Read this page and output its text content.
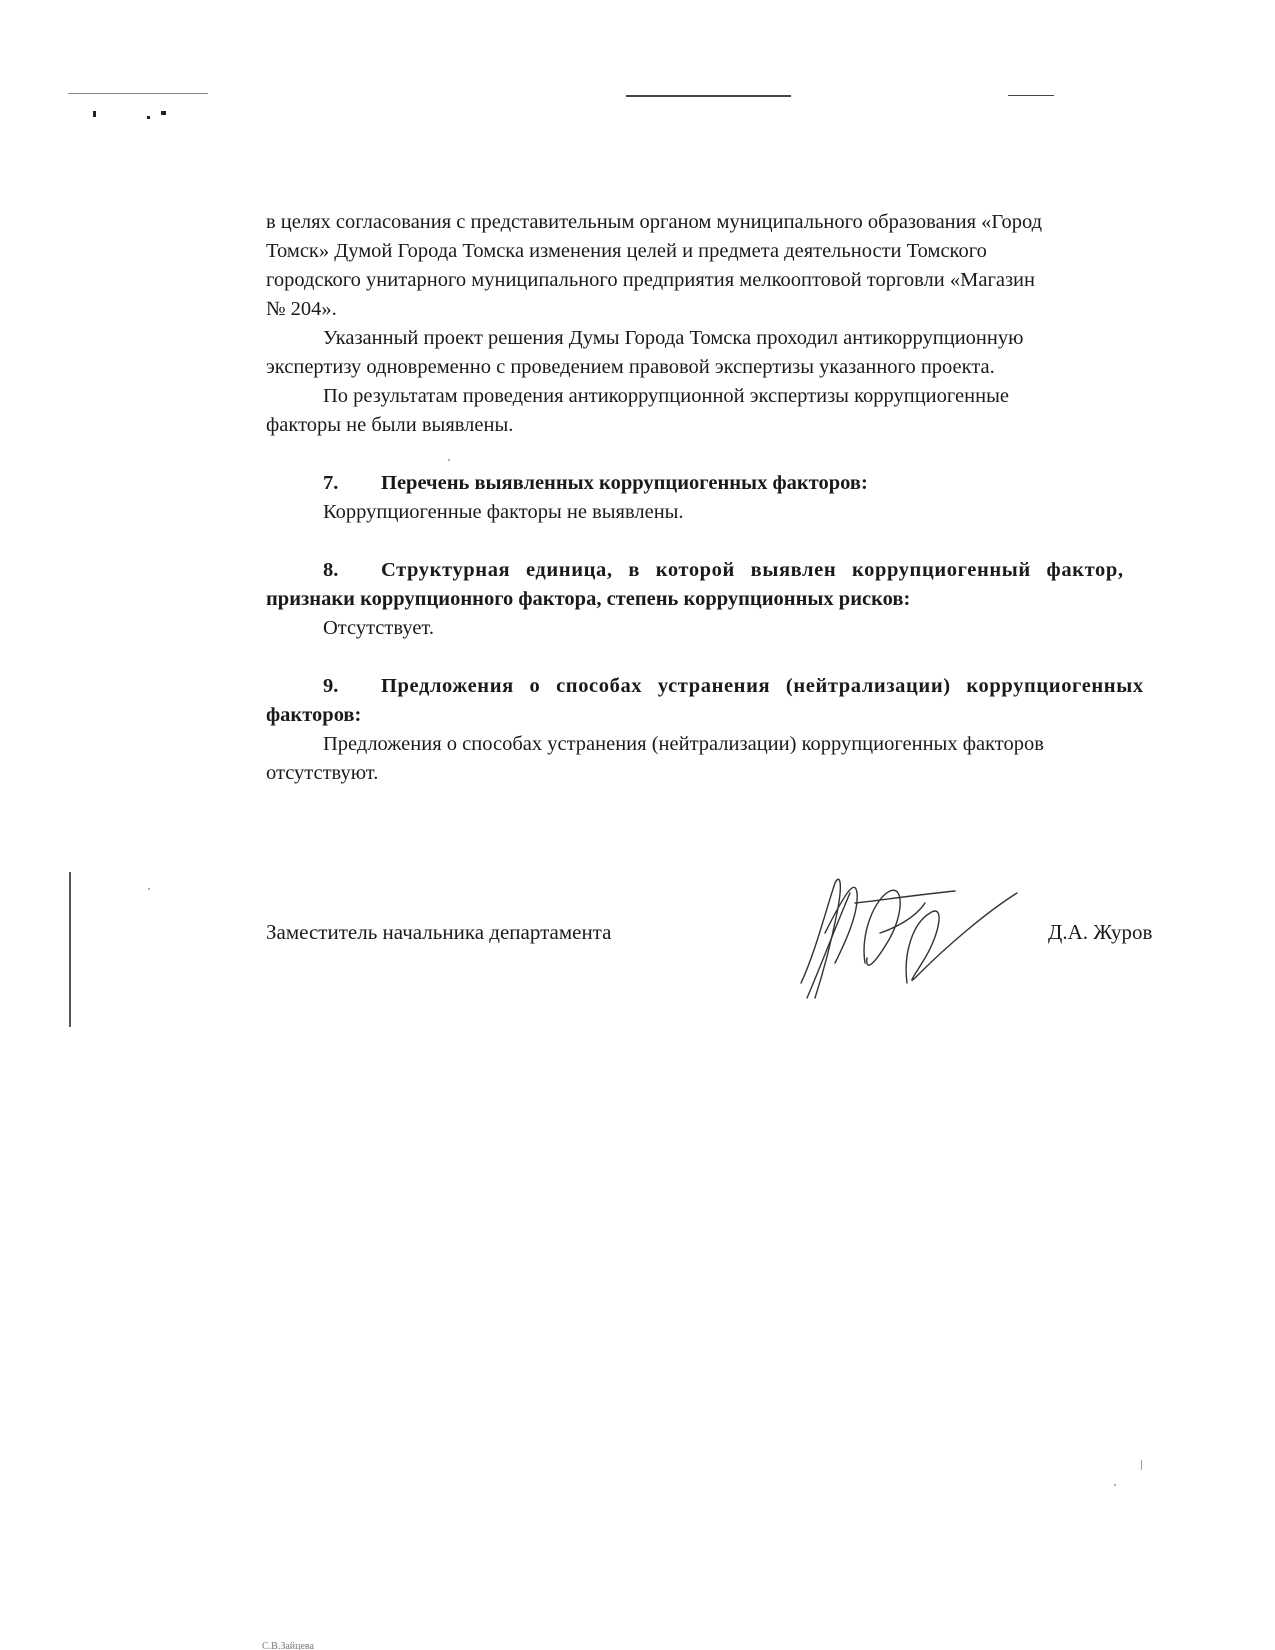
в целях согласования с представительным органом муниципального образования «Город
Томск» Думой Города Томска изменения целей и предмета деятельности Томского
городского унитарного муниципального предприятия мелкооптовой торговли «Магазин
№ 204».
Указанный проект решения Думы Города Томска проходил антикоррупционную
экспертизу одновременно с проведением правовой экспертизы указанного проекта.
По результатам проведения антикоррупционной экспертизы коррупциогенные
факторы не были выявлены.
7. Перечень выявленных коррупциогенных факторов:
Коррупциогенные факторы не выявлены.
8. Структурная единица, в которой выявлен коррупциогенный фактор,
признаки коррупционного фактора, степень коррупционных рисков:
Отсутствует.
9. Предложения о способах устранения (нейтрализации) коррупциогенных
факторов:
Предложения о способах устранения (нейтрализации) коррупциогенных факторов
отсутствуют.
Заместитель начальника департамента	Д.А. Журов
С.В.Зайцева
